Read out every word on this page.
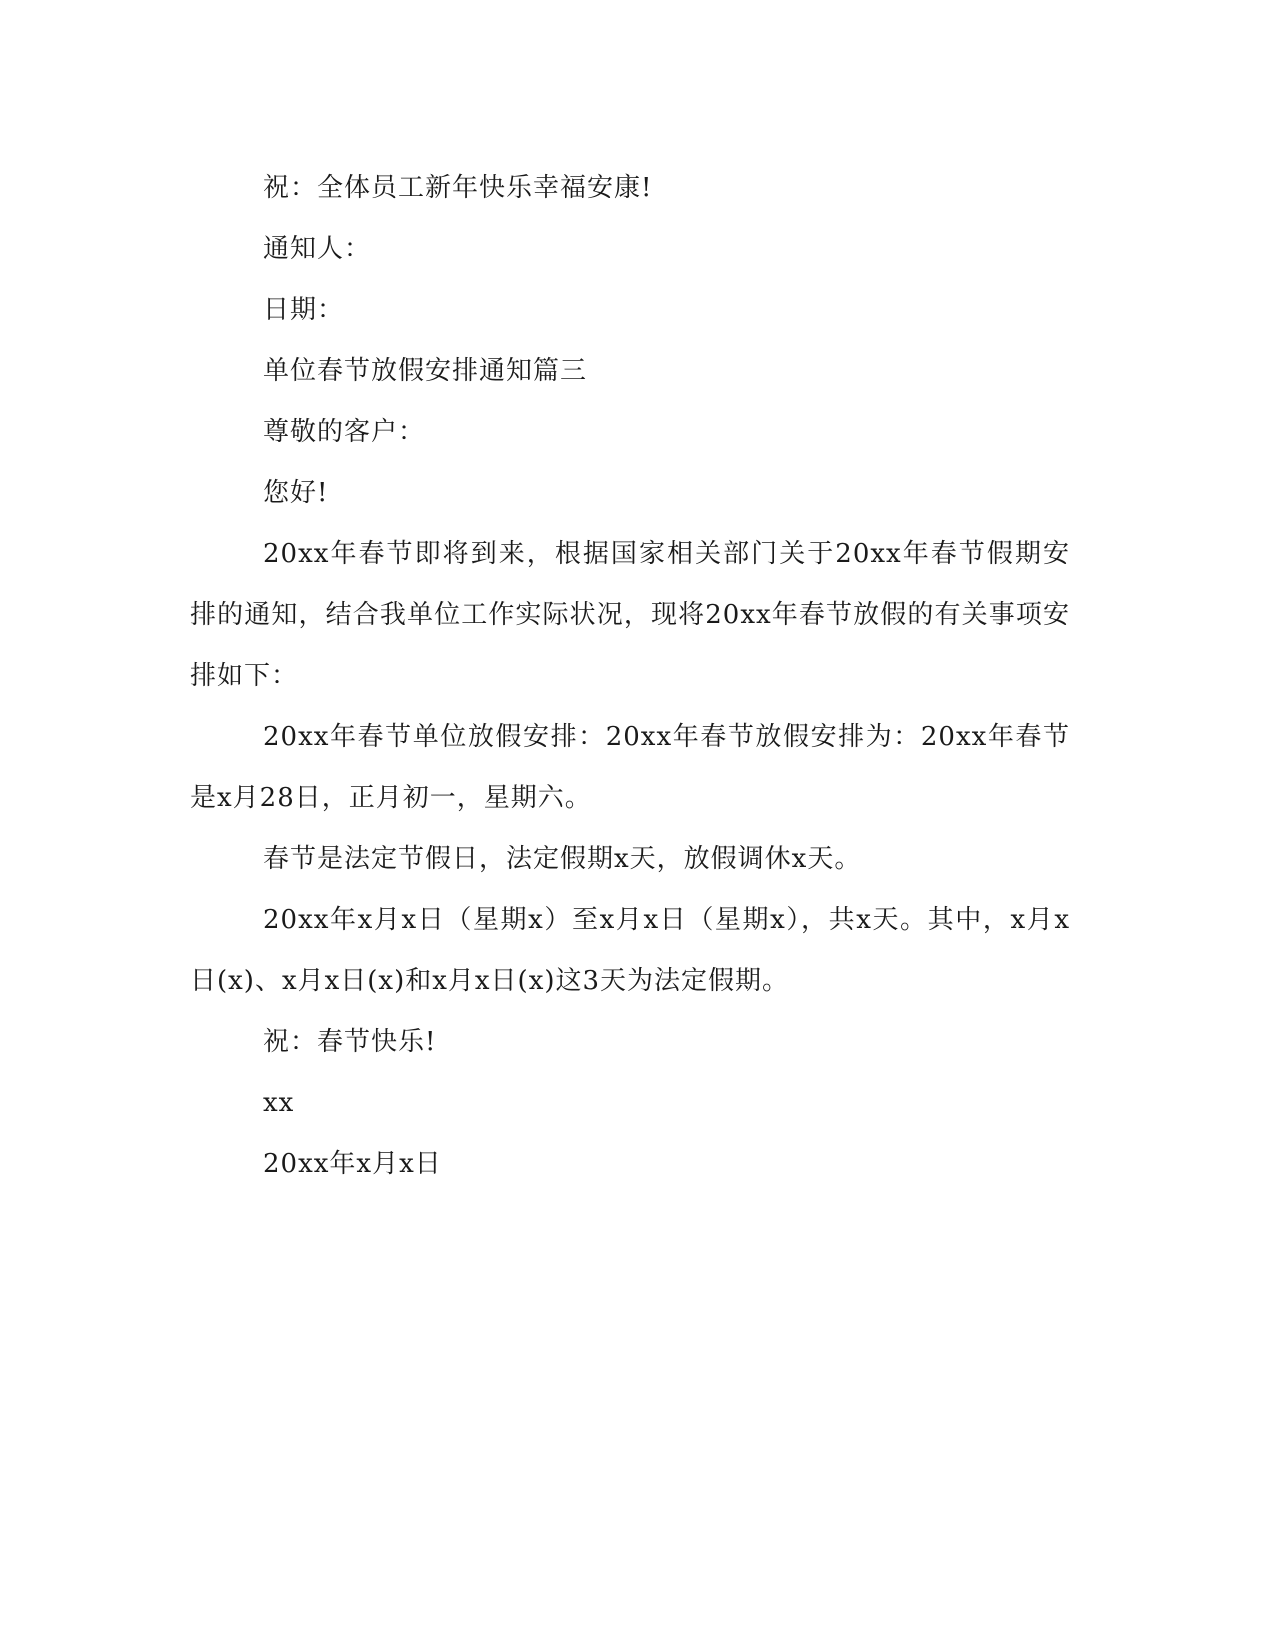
祝：全体员工新年快乐幸福安康!

通知人：

日期：

单位春节放假安排通知篇三

尊敬的客户：

您好!

20xx年春节即将到来，根据国家相关部门关于20xx年春节假期安排的通知，结合我单位工作实际状况，现将20xx年春节放假的有关事项安排如下：

20xx年春节单位放假安排：20xx年春节放假安排为：20xx年春节是x月28日，正月初一，星期六。

春节是法定节假日，法定假期x天，放假调休x天。

20xx年x月x日（星期x）至x月x日（星期x），共x天。其中，x月x日(x)、x月x日(x)和x月x日(x)这3天为法定假期。

祝：春节快乐!

xx

20xx年x月x日
